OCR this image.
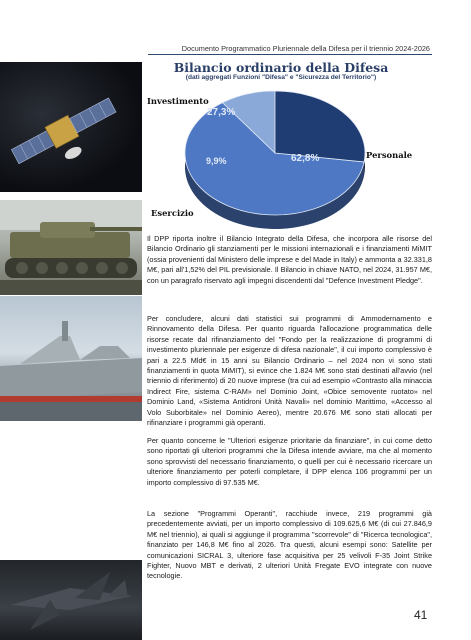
Documento Programmatico Pluriennale della Difesa per il triennio 2024-2026
Bilancio ordinario della Difesa
(dati aggregati Funzioni "Difesa" e "Sicurezza del Territorio")
Investimento
Personale
Esercizio
27,3%
62,8%
9,9%

Il DPP riporta inoltre il Bilancio Integrato della Difesa, che incorpora alle risorse del Bilancio Ordinario gli stanziamenti per le missioni internazionali e i finanziamenti MiMIT (ossia provenienti dal Ministero delle imprese e del Made in Italy) e ammonta a 32.331,8 M€, pari all'1,52% del PIL previsionale. Il Bilancio in chiave NATO, nel 2024, 31.957 M€, con un paragrafo riservato agli impegni discendenti dal "Defence Investment Pledge".

Per concludere, alcuni dati statistici sui programmi di Ammodernamento e Rinnovamento della Difesa. Per quanto riguarda l'allocazione programmatica delle risorse recate dal rifinanziamento del "Fondo per la realizzazione di programmi di investimento pluriennale per esigenze di difesa nazionale", il cui importo complessivo è pari a 22.5 Mld€ in 15 anni su Bilancio Ordinario – nel 2024 non vi sono stati finanziamenti in quota MiMIT), si evince che 1.824 M€ sono stati destinati all'avvio (nel triennio di riferimento) di 20 nuove imprese (tra cui ad esempio «Contrasto alla minaccia Indirect Fire, sistema C-RAM» nel Dominio Joint, «Obice semovente ruotato» nel Dominio Land, «Sistema Antidroni Unità Navali» nel dominio Marittimo, «Accesso al Volo Suborbitale» nel Dominio Aereo), mentre 20.676 M€ sono stati allocati per rifinanziare i programmi già operanti.

Per quanto concerne le "Ulteriori esigenze prioritarie da finanziare", in cui come detto sono riportati gli ulteriori programmi che la Difesa intende avviare, ma che al momento sono sprovvisti del necessario finanziamento, o quelli per cui è necessario ricercare un ulteriore finanziamento per poterli completare, il DPP elenca 106 programmi per un importo complessivo di 97.535 M€.

La sezione "Programmi Operanti", racchiude invece, 219 programmi già precedentemente avviati, per un importo complessivo di 109.625,6 M€ (di cui 27.846,9 M€ nel triennio), ai quali si aggiunge il programma "scorrevole" di "Ricerca tecnologica", finanziato per 146,8 M€ fino al 2026. Tra questi, alcuni esempi sono: Satellite per comunicazioni SICRAL 3, ulteriore fase acquisitiva per 25 velivoli F-35 Joint Strike Fighter, Nuovo MBT e derivati, 2 ulteriori Unità Fregate EVO integrate con nuove tecnologie.

41
